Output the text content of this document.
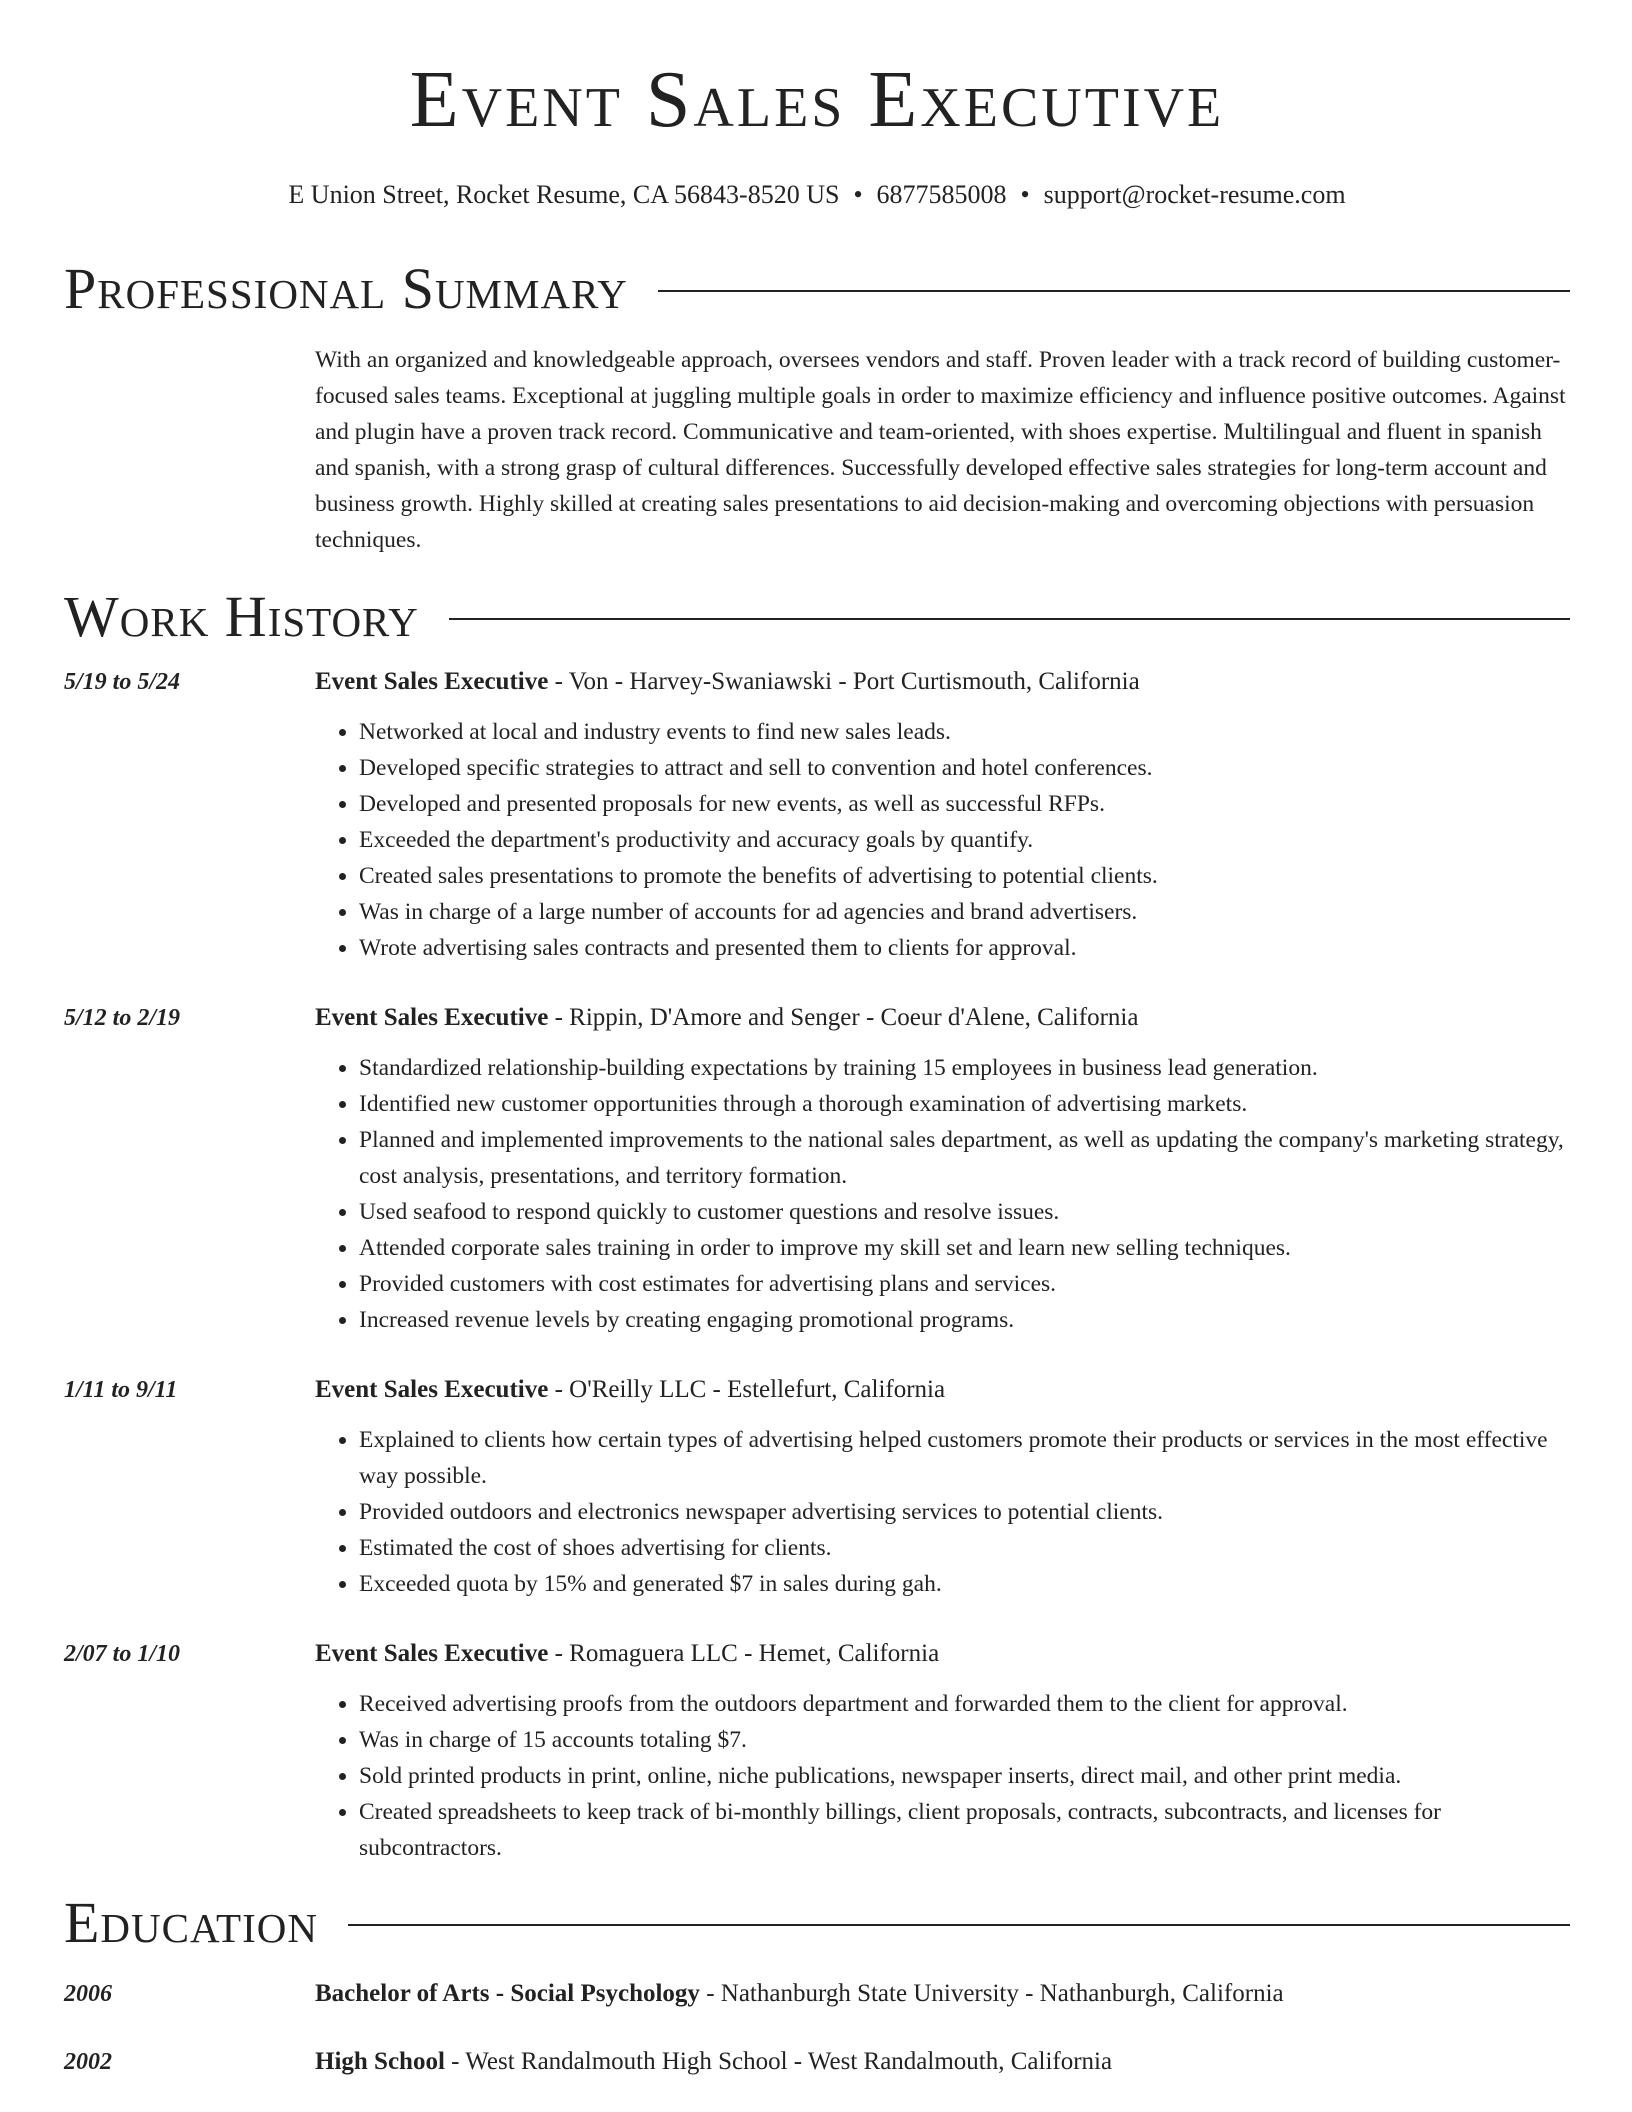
Event Sales Executive
E Union Street, Rocket Resume, CA 56843-8520 US • 6877585008 • support@rocket-resume.com
Professional Summary
With an organized and knowledgeable approach, oversees vendors and staff. Proven leader with a track record of building customer-focused sales teams. Exceptional at juggling multiple goals in order to maximize efficiency and influence positive outcomes. Against and plugin have a proven track record. Communicative and team-oriented, with shoes expertise. Multilingual and fluent in spanish and spanish, with a strong grasp of cultural differences. Successfully developed effective sales strategies for long-term account and business growth. Highly skilled at creating sales presentations to aid decision-making and overcoming objections with persuasion techniques.
Work History
5/19 to 5/24	Event Sales Executive - Von - Harvey-Swaniawski - Port Curtismouth, California
• Networked at local and industry events to find new sales leads.
• Developed specific strategies to attract and sell to convention and hotel conferences.
• Developed and presented proposals for new events, as well as successful RFPs.
• Exceeded the department's productivity and accuracy goals by quantify.
• Created sales presentations to promote the benefits of advertising to potential clients.
• Was in charge of a large number of accounts for ad agencies and brand advertisers.
• Wrote advertising sales contracts and presented them to clients for approval.
5/12 to 2/19	Event Sales Executive - Rippin, D'Amore and Senger - Coeur d'Alene, California
• Standardized relationship-building expectations by training 15 employees in business lead generation.
• Identified new customer opportunities through a thorough examination of advertising markets.
• Planned and implemented improvements to the national sales department, as well as updating the company's marketing strategy, cost analysis, presentations, and territory formation.
• Used seafood to respond quickly to customer questions and resolve issues.
• Attended corporate sales training in order to improve my skill set and learn new selling techniques.
• Provided customers with cost estimates for advertising plans and services.
• Increased revenue levels by creating engaging promotional programs.
1/11 to 9/11	Event Sales Executive - O'Reilly LLC - Estellefurt, California
• Explained to clients how certain types of advertising helped customers promote their products or services in the most effective way possible.
• Provided outdoors and electronics newspaper advertising services to potential clients.
• Estimated the cost of shoes advertising for clients.
• Exceeded quota by 15% and generated $7 in sales during gah.
2/07 to 1/10	Event Sales Executive - Romaguera LLC - Hemet, California
• Received advertising proofs from the outdoors department and forwarded them to the client for approval.
• Was in charge of 15 accounts totaling $7.
• Sold printed products in print, online, niche publications, newspaper inserts, direct mail, and other print media.
• Created spreadsheets to keep track of bi-monthly billings, client proposals, contracts, subcontracts, and licenses for subcontractors.
Education
2006	Bachelor of Arts - Social Psychology - Nathanburgh State University - Nathanburgh, California
2002	High School - West Randalmouth High School - West Randalmouth, California
